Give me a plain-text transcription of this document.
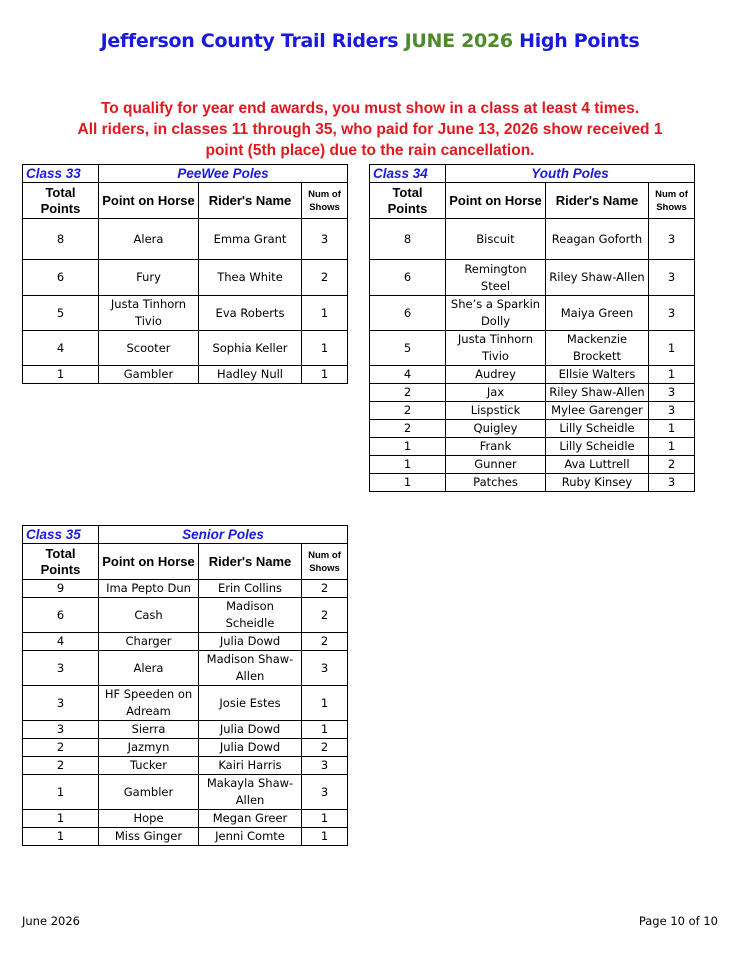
Jefferson County Trail Riders JUNE 2026 High Points
To qualify for year end awards, you must show in a class at least 4 times.
All riders, in classes 11 through 35, who paid for June 13, 2026 show received 1
point (5th place) due to the rain cancellation.
Class 33	PeeWee Poles		
Total Points	Point on Horse	Rider's Name	Num of Shows
8	Alera	Emma Grant	3
6	Fury	Thea White	2
5	Justa Tinhorn Tivio	Eva Roberts	1
4	Scooter	Sophia Keller	1
1	Gambler	Hadley Null	1
Class 34	Youth Poles		
Total Points	Point on Horse	Rider's Name	Num of Shows
8	Biscuit	Reagan Goforth	3
6	Remington Steel	Riley Shaw-Allen	3
6	She’s a Sparkin Dolly	Maiya Green	3
5	Justa Tinhorn Tivio	Mackenzie Brockett	1
4	Audrey	Ellsie Walters	1
2	Jax	Riley Shaw-Allen	3
2	Lispstick	Mylee Garenger	3
2	Quigley	Lilly Scheidle	1
1	Frank	Lilly Scheidle	1
1	Gunner	Ava Luttrell	2
1	Patches	Ruby Kinsey	3
Class 35	Senior Poles		
Total Points	Point on Horse	Rider's Name	Num of Shows
9	Ima Pepto Dun	Erin Collins	2
6	Cash	Madison Scheidle	2
4	Charger	Julia Dowd	2
3	Alera	Madison Shaw-Allen	3
3	HF Speeden on Adream	Josie Estes	1
3	Sierra	Julia Dowd	1
2	Jazmyn	Julia Dowd	2
2	Tucker	Kairi Harris	3
1	Gambler	Makayla Shaw-Allen	3
1	Hope	Megan Greer	1
1	Miss Ginger	Jenni Comte	1
June 2026	Page 10 of 10
